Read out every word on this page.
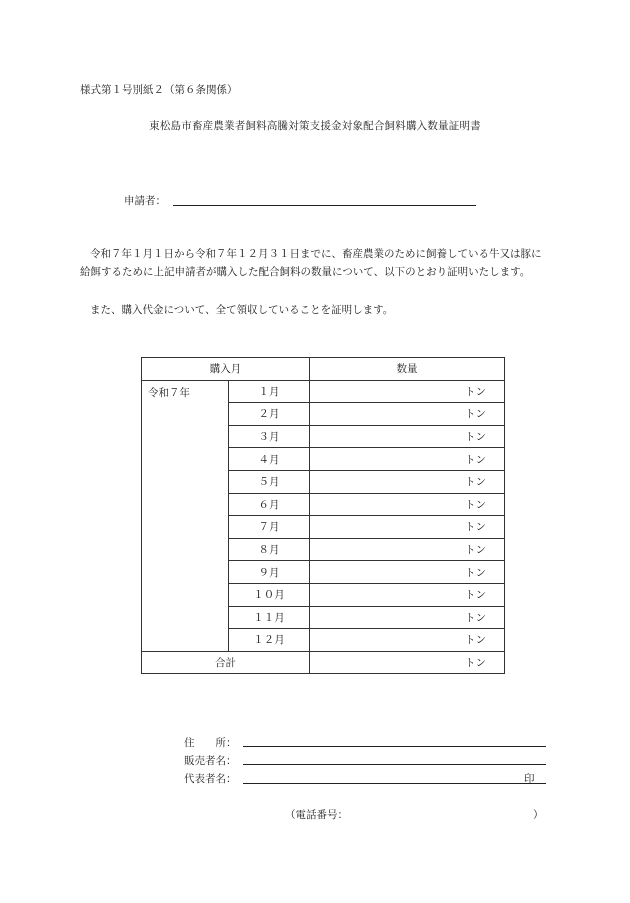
様式第１号別紙２（第６条関係）
東松島市畜産農業者飼料高騰対策支援金対象配合飼料購入数量証明書
申請者：
令和７年１月１日から令和７年１２月３１日までに、畜産農業のために飼養している牛又は豚に給餌するために上記申請者が購入した配合飼料の数量について、以下のとおり証明いたします。
また、購入代金について、全て領収していることを証明します。
購入月		数量
令和７年	１月	トン
	２月	トン
	３月	トン
	４月	トン
	５月	トン
	６月	トン
	７月	トン
	８月	トン
	９月	トン
	１０月	トン
	１１月	トン
	１２月	トン
合計		トン
住　　所：
販売者名：
代表者名：	印
（電話番号：	）
